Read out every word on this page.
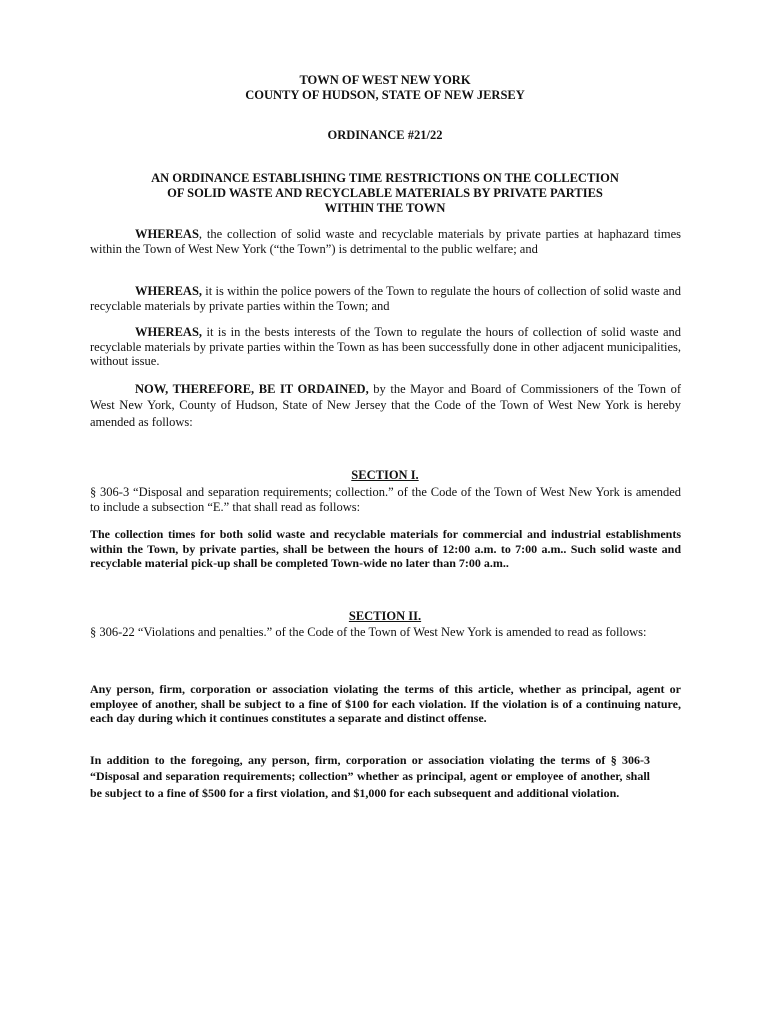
TOWN OF WEST NEW YORK
COUNTY OF HUDSON, STATE OF NEW JERSEY
ORDINANCE #21/22
AN ORDINANCE ESTABLISHING TIME RESTRICTIONS ON THE COLLECTION
OF SOLID WASTE AND RECYCLABLE MATERIALS BY PRIVATE PARTIES
WITHIN THE TOWN
WHEREAS, the collection of solid waste and recyclable materials by private parties at haphazard times within the Town of West New York (“the Town”) is detrimental to the public welfare; and
WHEREAS, it is within the police powers of the Town to regulate the hours of collection of solid waste and recyclable materials by private parties within the Town; and
WHEREAS, it is in the bests interests of the Town to regulate the hours of collection of solid waste and recyclable materials by private parties within the Town as has been successfully done in other adjacent municipalities, without issue.
NOW, THEREFORE, BE IT ORDAINED, by the Mayor and Board of Commissioners of the Town of West New York, County of Hudson, State of New Jersey that the Code of the Town of West New York is hereby amended as follows:
SECTION I.
§ 306-3 “Disposal and separation requirements; collection.” of the Code of the Town of West New York is amended to include a subsection “E.” that shall read as follows:
The collection times for both solid waste and recyclable materials for commercial and industrial establishments within the Town, by private parties, shall be between the hours of 12:00 a.m. to 7:00 a.m.. Such solid waste and recyclable material pick-up shall be completed Town-wide no later than 7:00 a.m..
SECTION II.
§ 306-22 “Violations and penalties.” of the Code of the Town of West New York is amended to read as follows:
Any person, firm, corporation or association violating the terms of this article, whether as principal, agent or employee of another, shall be subject to a fine of $100 for each violation. If the violation is of a continuing nature, each day during which it continues constitutes a separate and distinct offense.
In addition to the foregoing, any person, firm, corporation or association violating the terms of § 306-3 “Disposal and separation requirements; collection” whether as principal, agent or employee of another, shall be subject to a fine of $500 for a first violation, and $1,000 for each subsequent and additional violation.
